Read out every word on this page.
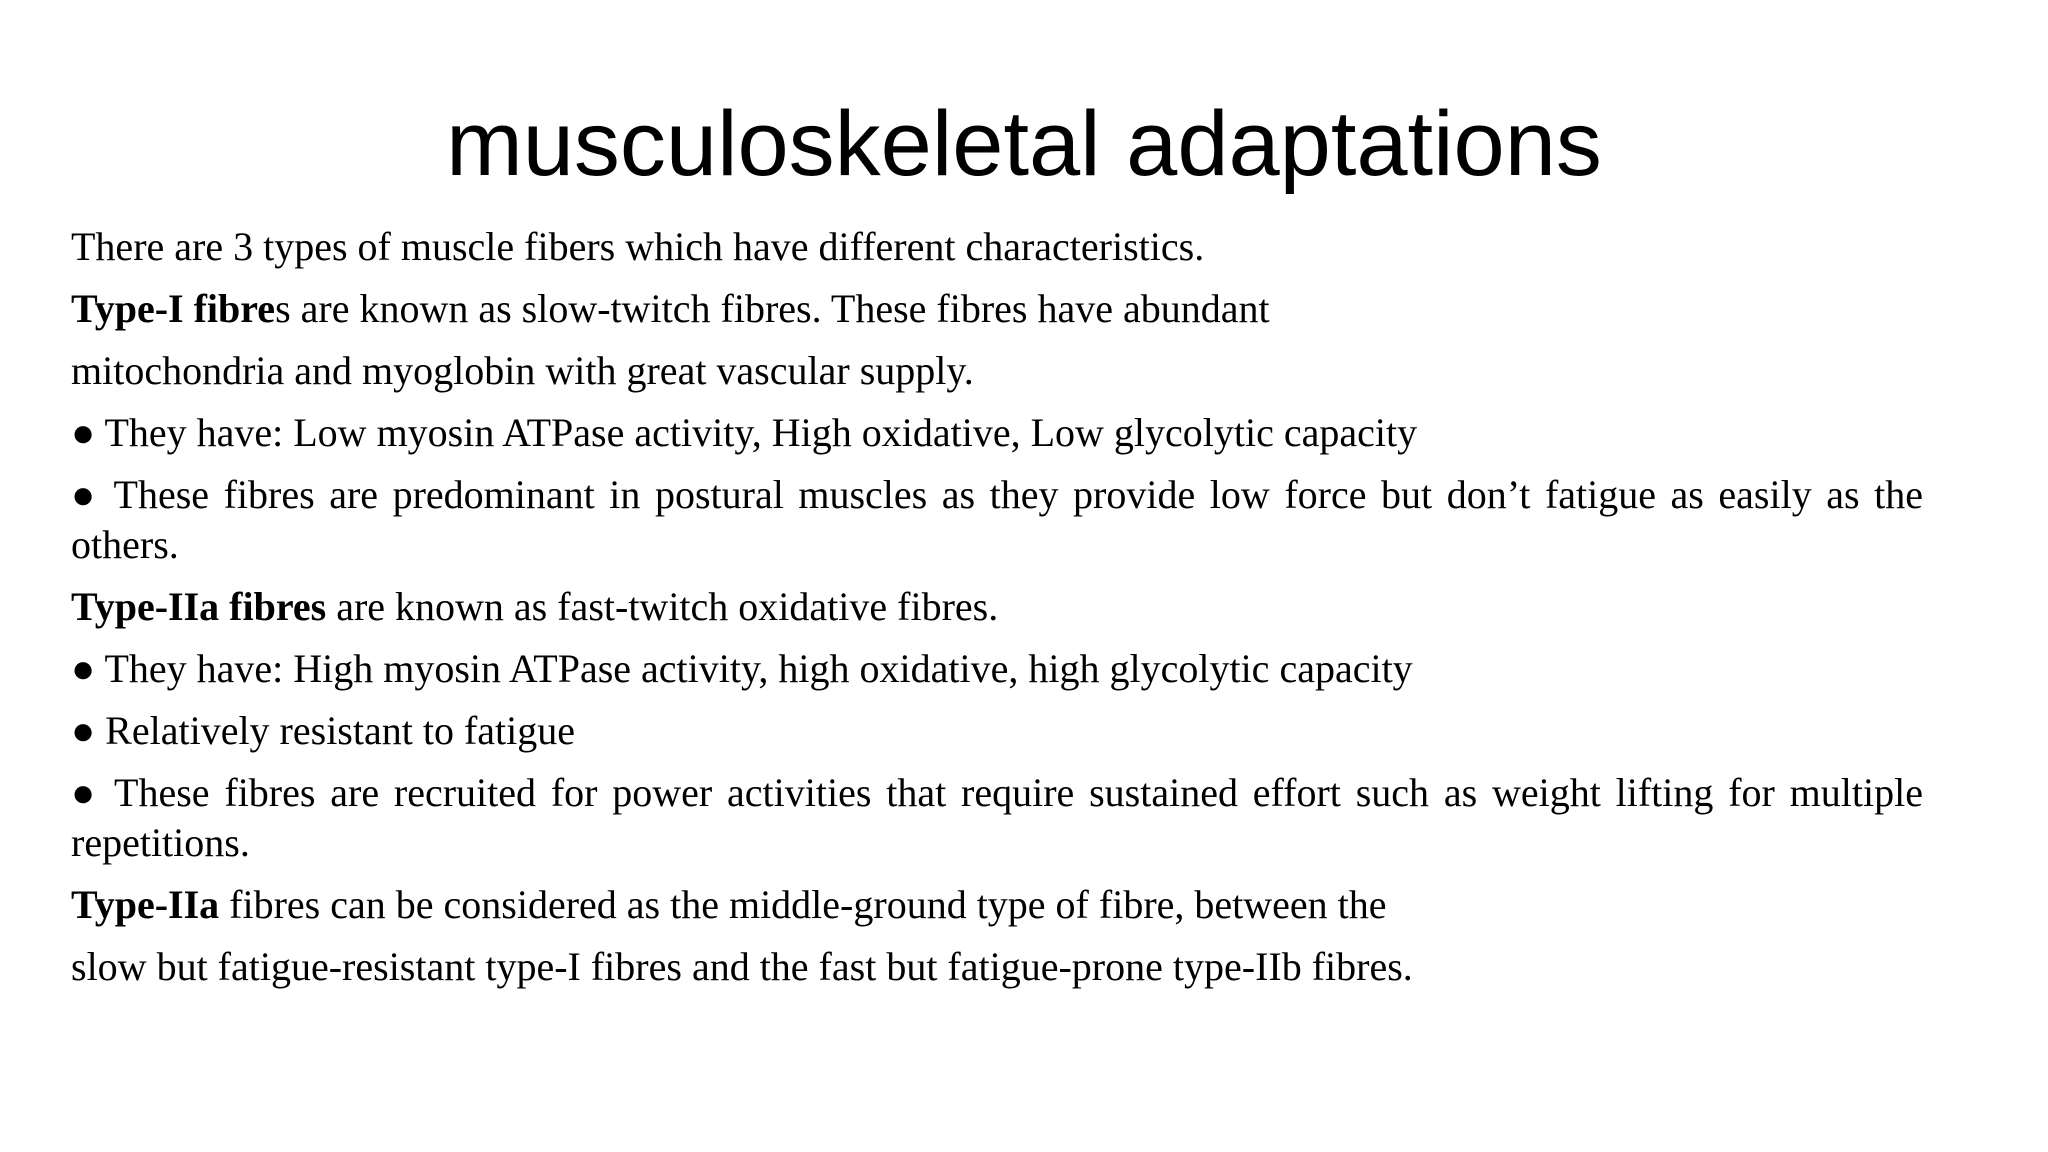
musculoskeletal adaptations

There are 3 types of muscle fibers which have different characteristics.

Type-I fibres are known as slow-twitch fibres. These fibres have abundant

mitochondria and myoglobin with great vascular supply.

● They have: Low myosin ATPase activity, High oxidative, Low glycolytic capacity

● These fibres are predominant in postural muscles as they provide low force but don’t fatigue as easily as the others.

Type-IIa fibres are known as fast-twitch oxidative fibres.

● They have: High myosin ATPase activity, high oxidative, high glycolytic capacity

● Relatively resistant to fatigue

● These fibres are recruited for power activities that require sustained effort such as weight lifting for multiple repetitions.

Type-IIa fibres can be considered as the middle-ground type of fibre, between the

slow but fatigue-resistant type-I fibres and the fast but fatigue-prone type-IIb fibres.
